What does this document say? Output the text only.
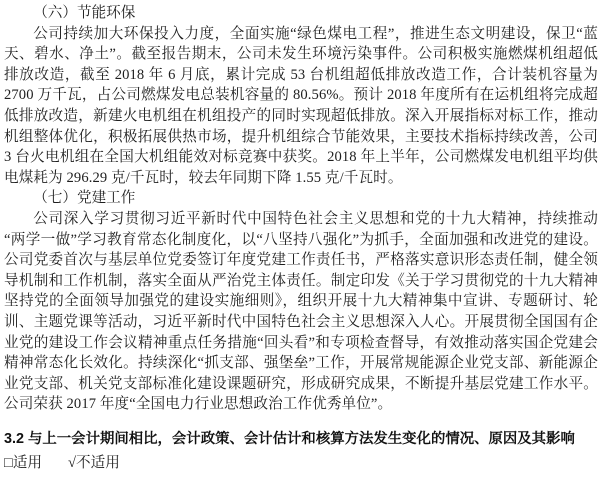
（六）节能环保

公司持续加大环保投入力度，全面实施“绿色煤电工程”，推进生态文明建设，保卫“蓝天、碧水、净土”。截至报告期末，公司未发生环境污染事件。公司积极实施燃煤机组超低排放改造，截至 2018 年 6 月底，累计完成 53 台机组超低排放改造工作，合计装机容量为 2700 万千瓦，占公司燃煤发电总装机容量的 80.56%。预计 2018 年度所有在运机组将完成超低排放改造，新建火电机组在机组投产的同时实现超低排放。深入开展指标对标工作，推动机组整体优化，积极拓展供热市场，提升机组综合节能效果，主要技术指标持续改善，公司 3 台火电机组在全国大机组能效对标竞赛中获奖。2018 年上半年，公司燃煤发电机组平均供电煤耗为 296.29 克/千瓦时，较去年同期下降 1.55 克/千瓦时。

（七）党建工作

公司深入学习贯彻习近平新时代中国特色社会主义思想和党的十九大精神，持续推动“两学一做”学习教育常态化制度化，以“八坚持八强化”为抓手，全面加强和改进党的建设。公司党委首次与基层单位党委签订年度党建工作责任书，严格落实意识形态责任制，健全领导机制和工作机制，落实全面从严治党主体责任。制定印发《关于学习贯彻党的十九大精神坚持党的全面领导加强党的建设实施细则》，组织开展十九大精神集中宣讲、专题研讨、轮训、主题党课等活动，习近平新时代中国特色社会主义思想深入人心。开展贯彻全国国有企业党的建设工作会议精神重点任务措施“回头看”和专项检查督导，有效推动落实国企党建会精神常态化长效化。持续深化“抓支部、强堡垒”工作，开展常规能源企业党支部、新能源企业党支部、机关党支部标准化建设课题研究，形成研究成果，不断提升基层党建工作水平。公司荣获 2017 年度“全国电力行业思想政治工作优秀单位”。

3.2 与上一会计期间相比，会计政策、会计估计和核算方法发生变化的情况、原因及其影响

□适用 √不适用
